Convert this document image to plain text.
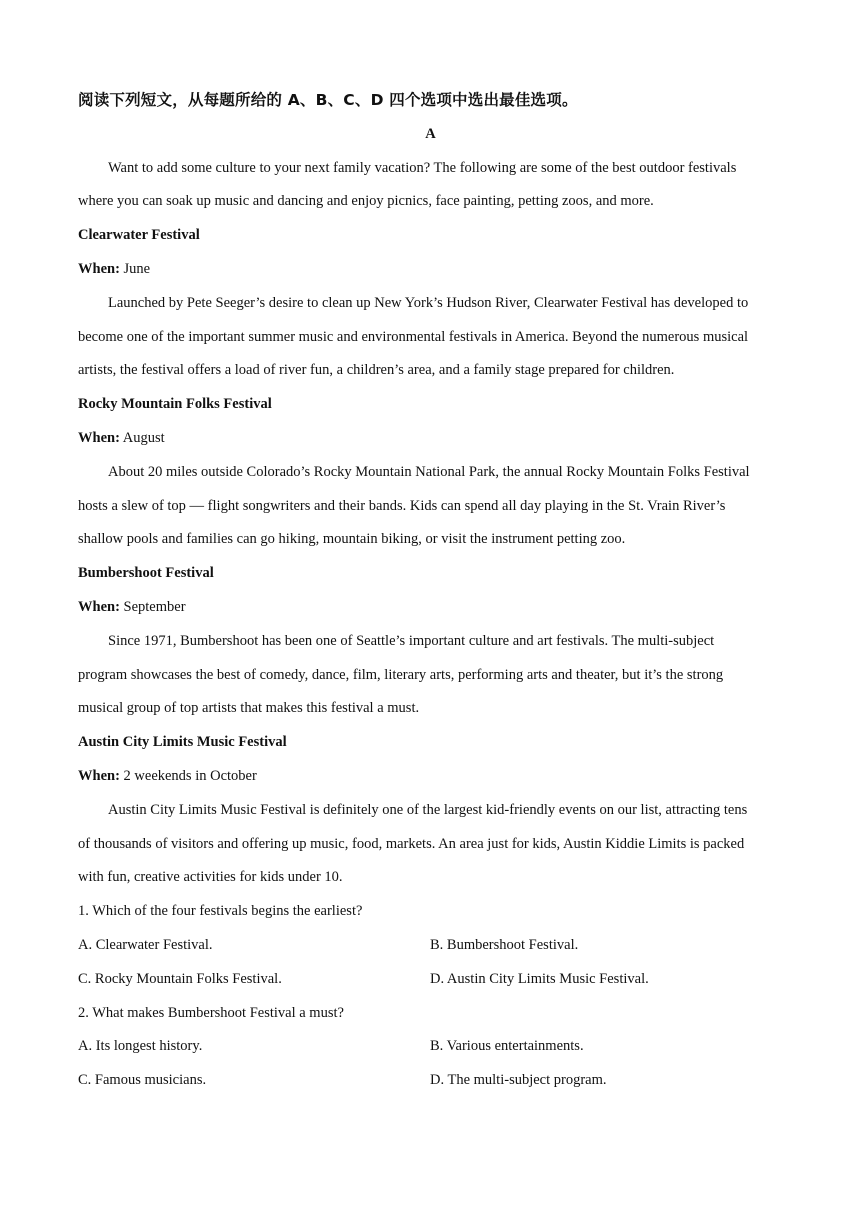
阅读下列短文，从每题所给的 A、B、C、D 四个选项中选出最佳选项。
A
Want to add some culture to your next family vacation? The following are some of the best outdoor festivals
where you can soak up music and dancing and enjoy picnics, face painting, petting zoos, and more.
Clearwater Festival
When: June
Launched by Pete Seeger’s desire to clean up New York’s Hudson River, Clearwater Festival has developed to
become one of the important summer music and environmental festivals in America. Beyond the numerous musical
artists, the festival offers a load of river fun, a children’s area, and a family stage prepared for children.
Rocky Mountain Folks Festival
When: August
About 20 miles outside Colorado’s Rocky Mountain National Park, the annual Rocky Mountain Folks Festival
hosts a slew of top — flight songwriters and their bands. Kids can spend all day playing in the St. Vrain River’s
shallow pools and families can go hiking, mountain biking, or visit the instrument petting zoo.
Bumbershoot Festival
When: September
Since 1971, Bumbershoot has been one of Seattle’s important culture and art festivals. The multi-subject
program showcases the best of comedy, dance, film, literary arts, performing arts and theater, but it’s the strong
musical group of top artists that makes this festival a must.
Austin City Limits Music Festival
When: 2 weekends in October
Austin City Limits Music Festival is definitely one of the largest kid-friendly events on our list, attracting tens
of thousands of visitors and offering up music, food, markets. An area just for kids, Austin Kiddie Limits is packed
with fun, creative activities for kids under 10.
1. Which of the four festivals begins the earliest?
A. Clearwater Festival.	B. Bumbershoot Festival.
C. Rocky Mountain Folks Festival.	D. Austin City Limits Music Festival.
2. What makes Bumbershoot Festival a must?
A. Its longest history.	B. Various entertainments.
C. Famous musicians.	D. The multi-subject program.
